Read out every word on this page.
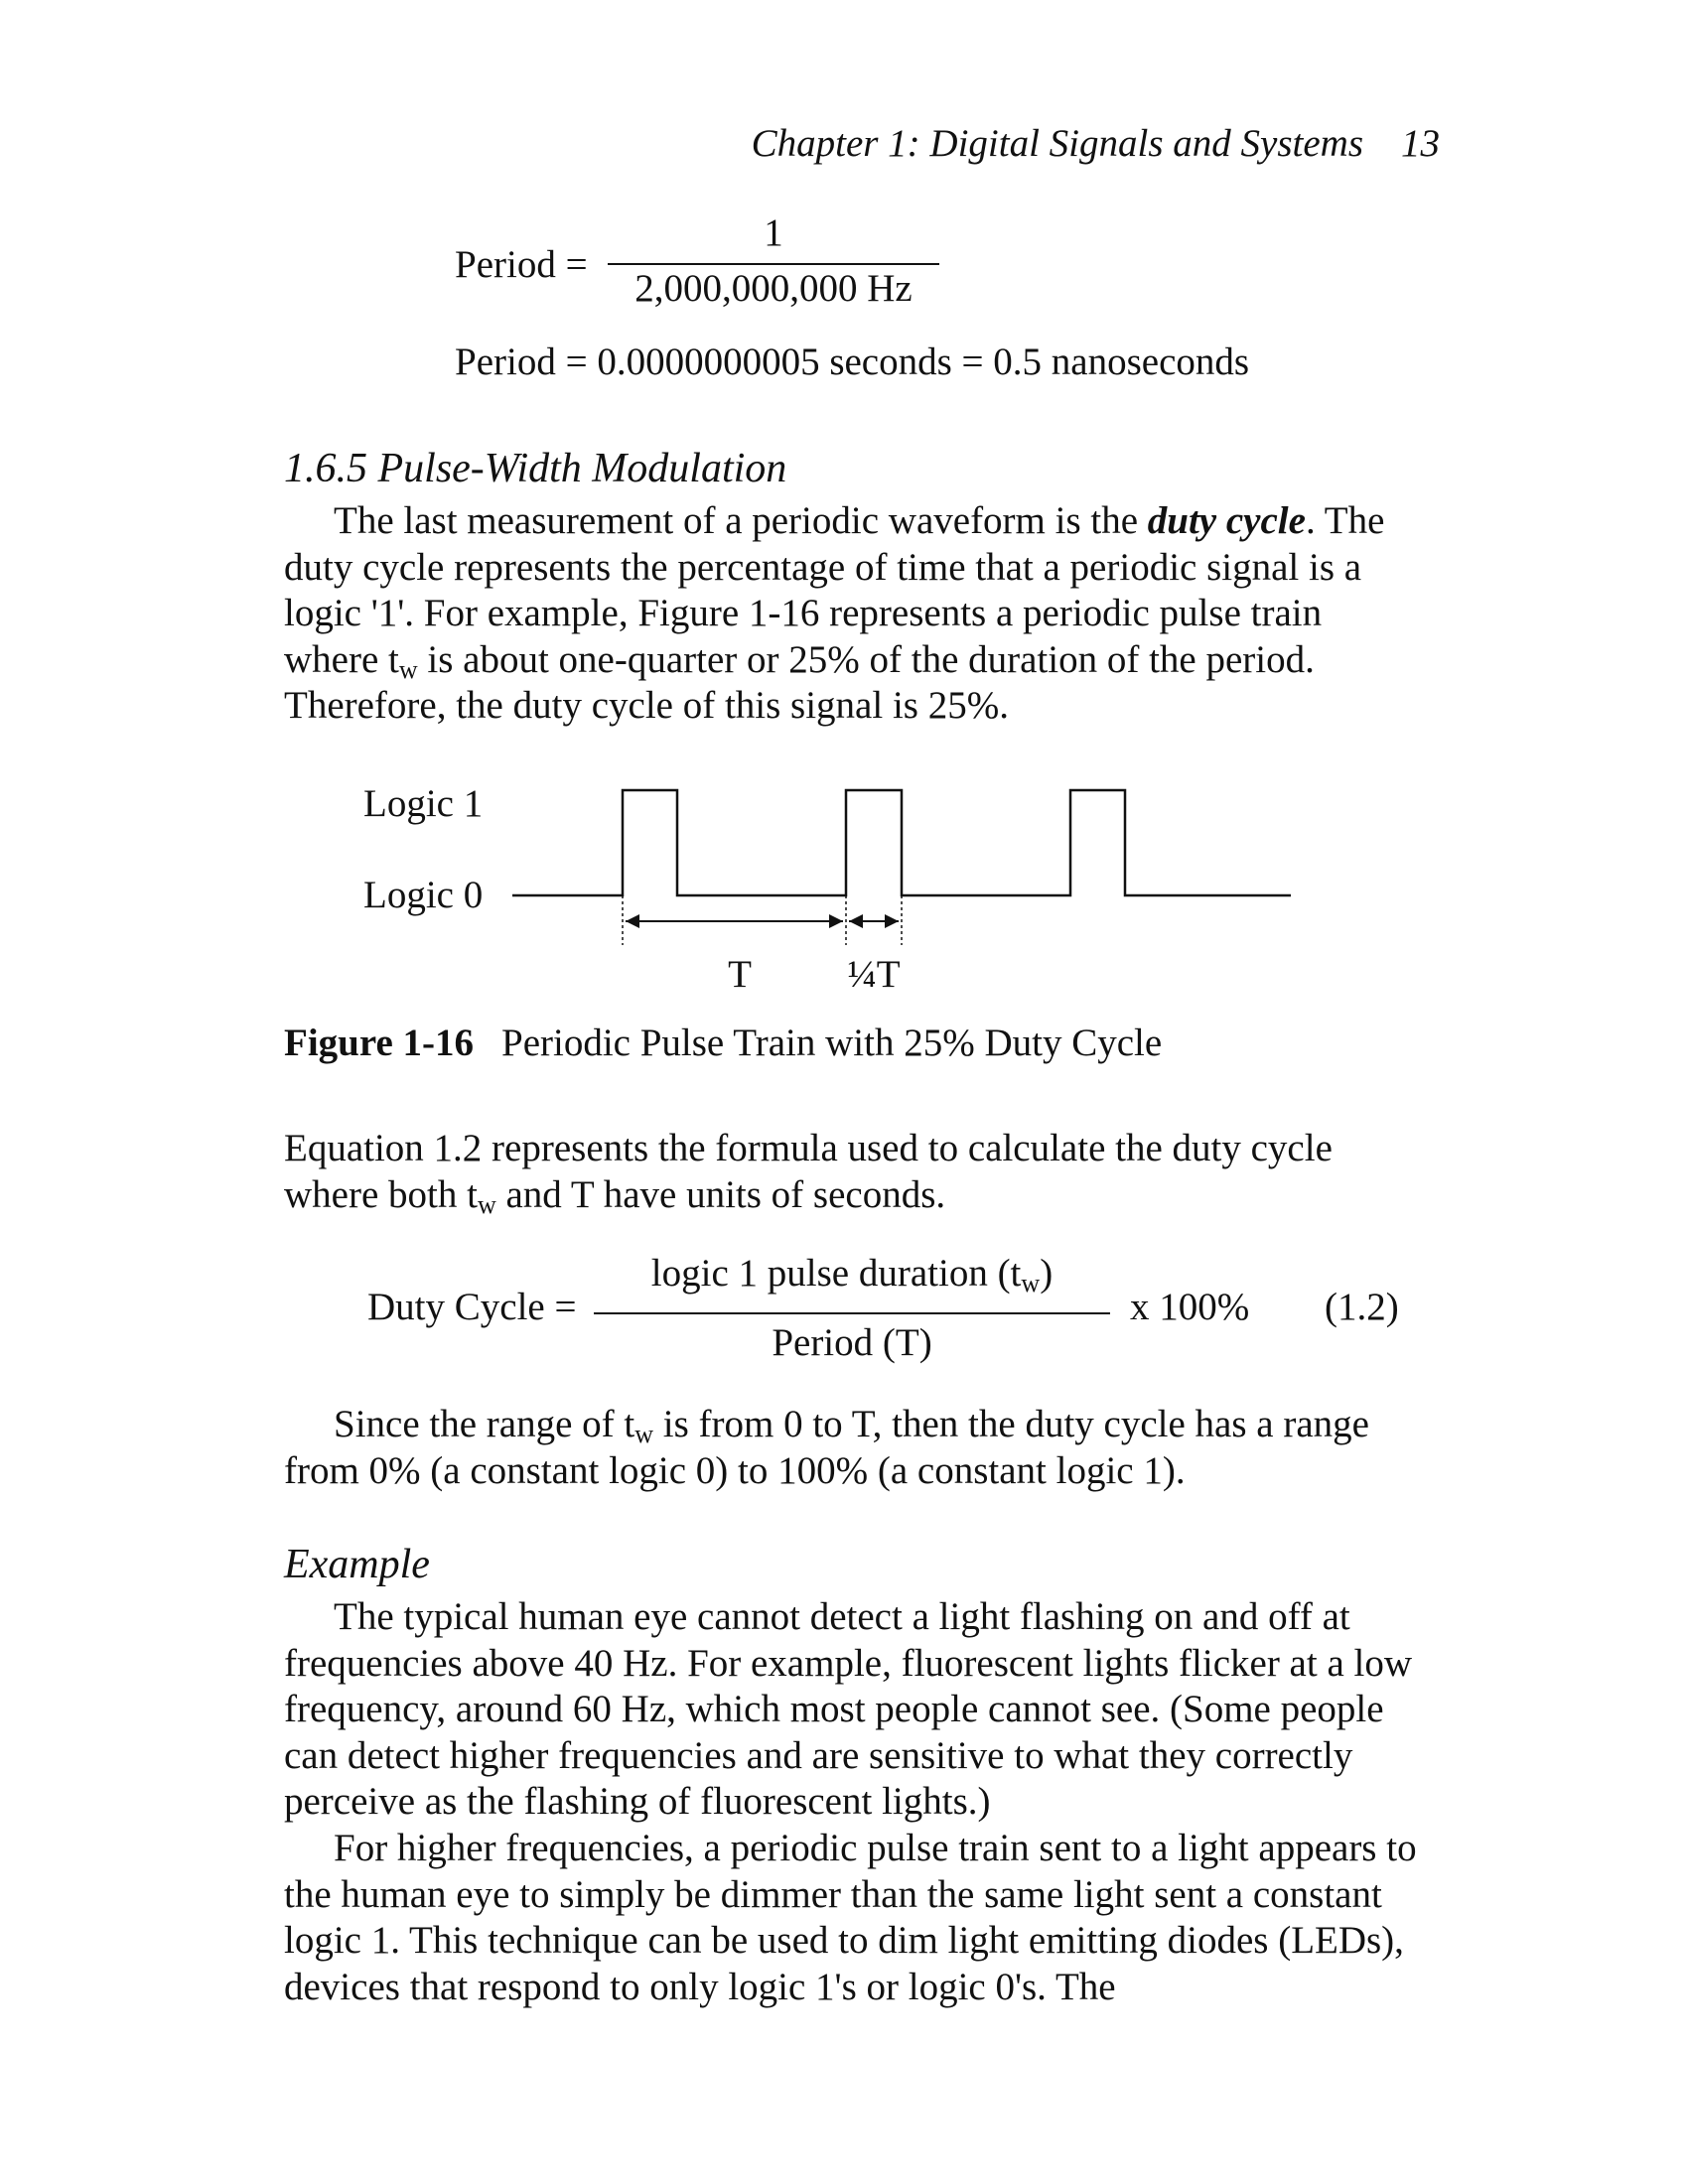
Chapter 1: Digital Signals and Systems 13
Period =
1
2,000,000,000 Hz
Period = 0.0000000005 seconds = 0.5 nanoseconds
1.6.5 Pulse-Width Modulation
The last measurement of a periodic waveform is the duty cycle. The duty cycle represents the percentage of time that a periodic signal is a logic '1'. For example, Figure 1-16 represents a periodic pulse train where $t_w$ is about one-quarter or 25% of the duration of the period. Therefore, the duty cycle of this signal is 25%.
Logic 1
Logic 0
T ¼T
Figure 1-16 Periodic Pulse Train with 25% Duty Cycle
Equation 1.2 represents the formula used to calculate the duty cycle where both $t_w$ and T have units of seconds.
Duty Cycle =
logic 1 pulse duration $(t_w)$
Period (T)
x 100% (1.2)
Since the range of $t_w$ is from 0 to T, then the duty cycle has a range from 0% (a constant logic 0) to 100% (a constant logic 1).
Example
The typical human eye cannot detect a light flashing on and off at frequencies above 40 Hz. For example, fluorescent lights flicker at a low frequency, around 60 Hz, which most people cannot see. (Some people can detect higher frequencies and are sensitive to what they correctly perceive as the flashing of fluorescent lights.)
For higher frequencies, a periodic pulse train sent to a light appears to the human eye to simply be dimmer than the same light sent a constant logic 1. This technique can be used to dim light emitting diodes (LEDs), devices that respond to only logic 1's or logic 0's. The
